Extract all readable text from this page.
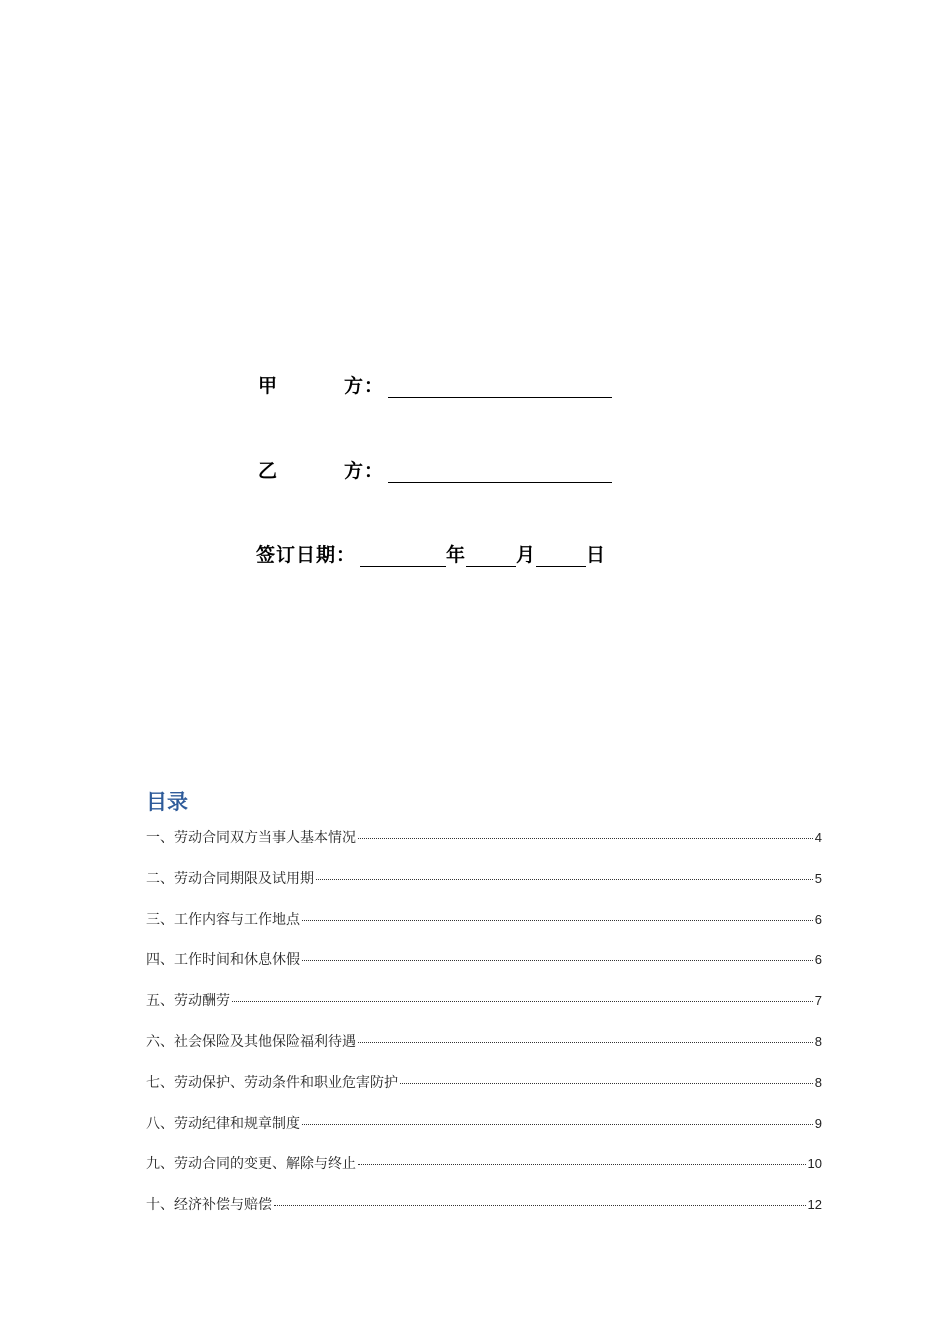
甲	方：
乙	方：
签订日期：	年	月	日
目录
一、劳动合同双方当事人基本情况	4
二、劳动合同期限及试用期	5
三、工作内容与工作地点	6
四、工作时间和休息休假	6
五、劳动酬劳	7
六、社会保险及其他保险福利待遇	8
七、劳动保护、劳动条件和职业危害防护	8
八、劳动纪律和规章制度	9
九、劳动合同的变更、解除与终止	10
十、经济补偿与赔偿	12
